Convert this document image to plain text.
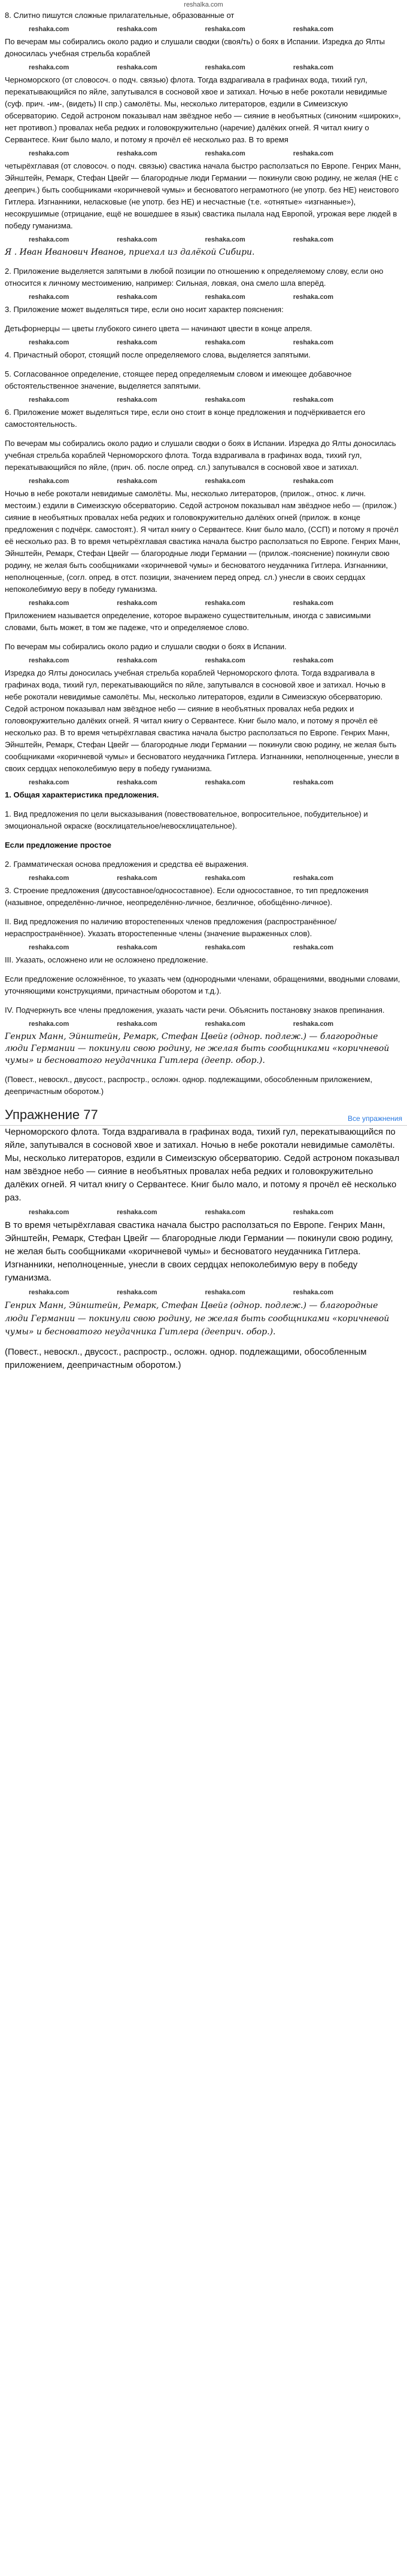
reshalka.com

8. Слитно пишутся сложные прилагательные, образованные от

reshaka.com	reshaka.com	reshaka.com	reshaka.com

По вечерам мы собирались около радио и слушали сводки (своя/ть) о боях в Испании. Изредка до Ялты доносилась учебная стрельба кораблей

reshaka.com	reshaka.com	reshaka.com	reshaka.com

Черноморского (от словосоч. о подч. связью) флота. Тогда вздрагивала в графинах вода, тихий гул, перекатывающийся по яйле, запутывался в сосновой хвое и затихал. Ночью в небе рокотали невидимые (суф. прич. -им-, (видеть) II спр.) самолёты. Мы, несколько литераторов, ездили в Симеизскую обсерваторию. Седой астроном показывал нам звёздное небо — сияние в необъятных (синоним «широких», нет противоп.) провалах неба редких и головокружительно (наречие) далёких огней. Я читал книгу о Сервантесе. Книг было мало, и потому я прочёл её несколько раз. В то время

reshaka.com	reshaka.com	reshaka.com	reshaka.com

четырёхглавая (от словосоч. о подч. связью) свастика начала быстро расползаться по Европе. Генрих Манн, Эйнштейн, Ремарк, Стефан Цвейг — благородные люди Германии — покинули свою родину, не желая (НЕ с дееприч.) быть сообщниками «коричневой чумы» и бесноватого неграмотного (не употр. без НЕ) неистового Гитлера. Изгнанники, неласковые (не употр. без НЕ) и несчастные (т.е. «отнятые» «изгнанные»), несокрушимые (отрицание, ещё не вошедшее в язык) свастика пылала над Европой, угрожая вере людей в победу гуманизма.

reshaka.com	reshaka.com	reshaka.com	reshaka.com

Я . Иван Иванович Иванов, приехал из далёкой Сибири.

2. Приложение выделяется запятыми в любой позиции по отношению к определяемому слову, если оно относится к личному местоимению, например: Сильная, ловкая, она смело шла вперёд.

reshaka.com	reshaka.com	reshaka.com	reshaka.com

3. Приложение может выделяться тире, если оно носит характер пояснения:

Детьфорнерцы — цветы глубокого синего цвета — начинают цвести в конце апреля.

reshaka.com	reshaka.com	reshaka.com	reshaka.com

4. Причастный оборот, стоящий после определяемого слова, выделяется запятыми.

5. Согласованное определение, стоящее перед определяемым словом и имеющее добавочное обстоятельственное значение, выделяется запятыми.

reshaka.com	reshaka.com	reshaka.com	reshaka.com

6. Приложение может выделяться тире, если оно стоит в конце предложения и подчёркивается его самостоятельность.

По вечерам мы собирались около радио и слушали сводки о боях в Испании. Изредка до Ялты доносилась учебная стрельба кораблей Черноморского флота. Тогда вздрагивала в графинах вода, тихий гул, перекатывающийся по яйле, (прич. об. после опред. сл.) запутывался в сосновой хвое и затихал.

reshaka.com	reshaka.com	reshaka.com	reshaka.com

Ночью в небе рокотали невидимые самолёты. Мы, несколько литераторов, (прилож., относ. к личн. местоим.) ездили в Симеизскую обсерваторию. Седой астроном показывал нам звёздное небо — (прилож.) сияние в необъятных провалах неба редких и головокружительно далёких огней (прилож. в конце предложения с подчёрк. самостоят.). Я читал книгу о Сервантесе. Книг было мало, (ССП) и потому я прочёл её несколько раз. В то время четырёхглавая свастика начала быстро расползаться по Европе. Генрих Манн, Эйнштейн, Ремарк, Стефан Цвейг — благородные люди Германии — (прилож.-пояснение) покинули свою родину, не желая быть сообщниками «коричневой чумы» и бесноватого неудачника Гитлера. Изгнанники, неполноценные, (согл. опред. в отст. позиции, значением перед опред. сл.) унесли в своих сердцах непоколебимую веру в победу гуманизма.

reshaka.com	reshaka.com	reshaka.com	reshaka.com

Приложением называется определение, которое выражено существительным, иногда с зависимыми словами, быть может, в том же падеже, что и определяемое слово.

По вечерам мы собирались около радио и слушали сводки о боях в Испании.

reshaka.com	reshaka.com	reshaka.com	reshaka.com

Изредка до Ялты доносилась учебная стрельба кораблей Черноморского флота. Тогда вздрагивала в графинах вода, тихий гул, перекатывающийся по яйле, запутывался в сосновой хвое и затихал. Ночью в небе рокотали невидимые самолёты. Мы, несколько литераторов, ездили в Симеизскую обсерваторию. Седой астроном показывал нам звёздное небо — сияние в необъятных провалах неба редких и головокружительно далёких огней. Я читал книгу о Сервантесе. Книг было мало, и потому я прочёл её несколько раз. В то время четырёхглавая свастика начала быстро расползаться по Европе. Генрих Манн, Эйнштейн, Ремарк, Стефан Цвейг — благородные люди Германии — покинули свою родину, не желая быть сообщниками «коричневой чумы» и бесноватого неудачника Гитлера. Изгнанники, неполноценные, унесли в своих сердцах непоколебимую веру в победу гуманизма.

reshaka.com	reshaka.com	reshaka.com	reshaka.com

1. Общая характеристика предложения.

1. Вид предложения по цели высказывания (повествовательное, вопросительное, побудительное) и эмоциональной окраске (восклицательное/невосклицательное).

Если предложение простое

2. Грамматическая основа предложения и средства её выражения.

reshaka.com	reshaka.com	reshaka.com	reshaka.com

3. Строение предложения (двусоставное/односоставное). Если односоставное, то тип предложения (назывное, определённо-личное, неопределённо-личное, безличное, обобщённо-личное).

II. Вид предложения по наличию второстепенных членов предложения (распространённое/нераспространённое). Указать второстепенные члены (значение выраженных слов).

reshaka.com	reshaka.com	reshaka.com	reshaka.com

III. Указать, осложнено или не осложнено предложение.

Если предложение осложнённое, то указать чем (однородными членами, обращениями, вводными словами, уточняющими конструкциями, причастным оборотом и т.д.).

IV. Подчеркнуть все члены предложения, указать части речи. Объяснить постановку знаков препинания.

reshaka.com	reshaka.com	reshaka.com	reshaka.com

Генрих Манн, Эйнштейн, Ремарк, Стефан Цвейг (однор. подлеж.) — благородные люди Германии — покинули свою родину, не желая быть сообщниками «коричневой чумы» и бесноватого неудачника Гитлера (деепр. обор.).

(Повест., невоскл., двусост., распростр., осложн. однор. подлежащими, обособленным приложением, деепричастным оборотом.)

Упражнение 77	Все упражнения

Черноморского флота. Тогда вздрагивала в графинах вода, тихий гул, перекатывающийся по яйле, запутывался в сосновой хвое и затихал. Ночью в небе рокотали невидимые самолёты. Мы, несколько литераторов, ездили в Симеизскую обсерваторию. Седой астроном показывал нам звёздное небо — сияние в необъятных провалах неба редких и головокружительно далёких огней. Я читал книгу о Сервантесе. Книг было мало, и потому я прочёл её несколько раз.

reshaka.com	reshaka.com	reshaka.com	reshaka.com

В то время четырёхглавая свастика начала быстро расползаться по Европе. Генрих Манн, Эйнштейн, Ремарк, Стефан Цвейг — благородные люди Германии — покинули свою родину, не желая быть сообщниками «коричневой чумы» и бесноватого неудачника Гитлера. Изгнанники, неполноценные, унесли в своих сердцах непоколебимую веру в победу гуманизма.

reshaka.com	reshaka.com	reshaka.com	reshaka.com

Генрих Манн, Эйнштейн, Ремарк, Стефан Цвейг (однор. подлеж.) — благородные люди Германии — покинули свою родину, не желая быть сообщниками «коричневой чумы» и бесноватого неудачника Гитлера (дееприч. обор.).

(Повест., невоскл., двусост., распростр., осложн. однор. подлежащими, обособленным приложением, деепричастным оборотом.)
